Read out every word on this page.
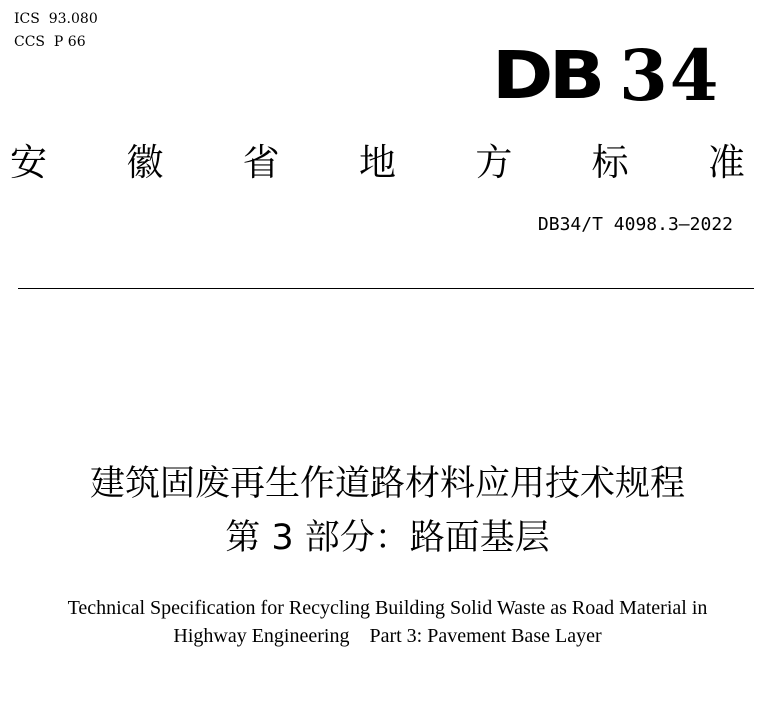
ICS  93.080
CCS  P 66	DB 34
安 徽 省 地 方 标 准
DB34/T 4098.3—2022
建筑固废再生作道路材料应用技术规程
第 3 部分：路面基层
Technical Specification for Recycling Building Solid Waste as Road Material in
Highway Engineering    Part 3: Pavement Base Layer
